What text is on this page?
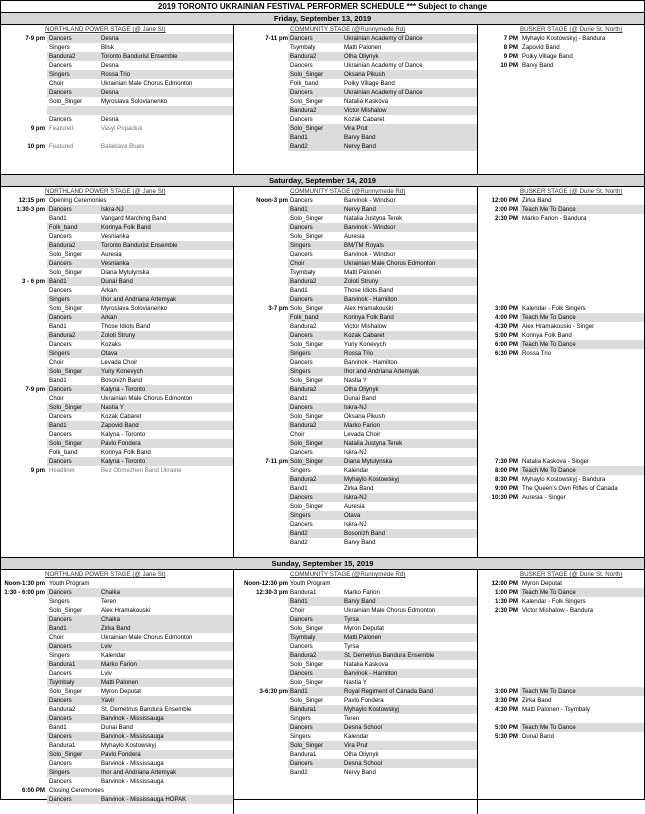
2019 TORONTO UKRAINIAN FESTIVAL PERFORMER SCHEDULE *** Subject to change
Friday, September 13, 2019
NORTHLAND POWER STAGE (@ Jane St)
7-9 pm Dancers	Desna
Singers	Blisk
Bandura2	Toronto Bandurist Ensemble
Dancers	Desna
Singers	Rossa Trio
Choir	Ukrainian Male Chorus Edmonton
Dancers	Desna
Solo_Singer	Myroslava Solovianenko
Dancers	Desna
9 pm Featured	Vasyl Popadiuk
10 pm Featured	Balaklava Blues
COMMUNITY STAGE (@Runnymede Rd)
7-11 pm Dancers	Ukrainian Academy of Dance
Tsymbaly	Matti Palonen
Bandura2	Olha Oliynyk
Dancers	Ukrainian Academy of Dance
Solo_Singer	Oksana Pikush
Folk_band	Polky Village Band
Dancers	Ukrainian Academy of Dance
Solo_Singer	Natalia Kaskova
Bandura2	Victor Mishalow
Dancers	Kozak Cabaret
Solo_Singer	Vira Prut
Band1	Barvy Band
Band2	Nervy Band
BUSKER STAGE (@ Durie St. North)
7 PM Myhaylo Kostowskyj - Bandura
8 PM Zapovid Band
9 PM Polky Village Band
10 PM Barvy Band
Saturday, September 14, 2019
NORTHLAND POWER STAGE (@ Jane St)
12:15 pm Opening Ceremonies
1:30-3 pm Dancers	Iskra-NJ
Band1	Vangard Marching Band
Folk_band	Korinya Folk Band
Dancers	Vesnianka
Bandura2	Toronto Bandurist Ensemble
Solo_Singer	Auresia
Dancers	Vesnianka
Solo_Singer	Diana Mytulynska
3 - 6 pm Band1	Dunai Band
Dancers	Arkan
Singers	Ihor and Andriana Artemyak
Solo_Singer	Myroslava Solovianenko
Dancers	Arkan
Band1	Those Idiots Band
Bandura2	Zoloti Struny
Dancers	Kozaks
Singers	Otava
Choir	Levada Choir
Solo_Singer	Yuriy Konevych
Band1	Bosonizh Band
7-9 pm Dancers	Kalyna - Toronto
Choir	Ukrainian Male Chorus Edmonton
Solo_Singer	Nastia Y
Dancers	Kozak Cabaret
Band1	Zapovid Band
Dancers	Kalyna - Toronto
Solo_Singer	Pavlo Fondera
Folk_band	Korinya Folk Band
Dancers	Kalyna - Toronto
9 pm Headliner	Bez Obmezhen Band Ukraine
COMMUNITY STAGE (@Runnymede Rd)
Noon-3 pm Dancers	Barvinok - Windsor
Band1	Nervy Band
Solo_Singer	Natalia Justyna Terek
Dancers	Barvinok - Windsor
Solo_Singer	Auresia
Singers	BM/TM Royals
Dancers	Barvinok - Windsor
Choir	Ukrainian Male Chorus Edmonton
Tsymbaly	Matti Palonen
Bandura2	Zoloti Struny
Band1	Those Idiots Band
Dancers	Barvinok - Hamilton
3-7 pm Solo_Singer	Alex Hramakouski
Folk_band	Korinya Folk Band
Bandura2	Victor Mishalow
Dancers	Kozak Cabaret
Solo_Singer	Yuriy Konevych
Singers	Rossa Trio
Dancers	Barvinok - Hamilton
Singers	Ihor and Andriana Artemyak
Solo_Singer	Nastia Y
Bandura2	Olha Oliynyk
Band1	Dunai Band
Dancers	Iskra-NJ
Solo_Singer	Oksana Pikush
Bandura2	Marko Farion
Choir	Levada Choir
Solo_Singer	Natalia Justyna Terek
Dancers	Iskra-NJ
7-11 pm Solo_Singer	Diana Mytulynska
Singers	Kalendar
Bandura2	Myhaylo Kostowskyj
Band1	Zirka Band
Dancers	Iskra-NJ
Solo_Singer	Auresia
Singers	Otava
Dancers	Iskra-NJ
Band2	Bosonizh Band
Band2	Barvy Band
BUSKER STAGE (@ Durie St. North)
12:00 PM Zirka Band
2:00 PM Teach Me To Dance
2:30 PM Marko Farion - Bandura
3:00 PM Kalendar - Folk Singers
4:00 PM Teach Me To Dance
4:30 PM Alex Hramakouski - Singer
5:00 PM Korinya Folk Band
6:00 PM Teach Me To Dance
6:30 PM Rossa Trio
7:30 PM Natalia Kaskova - Singer
8:00 PM Teach Me To Dance
8:30 PM Myhaylo Kostowskyj - Bandura
9:00 PM The Queen's Own Rifles of Canada
10:30 PM Auresia - Singer
Sunday, September 15, 2019
NORTHLAND POWER STAGE (@ Jane St)
Noon-1:30 pm Youth Program
1:30 - 6:00 pm Dancers	Chaika
Singers	Teren
Solo_Singer	Alex Hramakouski
Dancers	Chaika
Band1	Zirka Band
Choir	Ukrainian Male Chorus Edmonton
Dancers	Lviv
Singers	Kalendar
Bandura1	Marko Farion
Dancers	Lviv
Tsymbaly	Matti Palonen
Solo_Singer	Myron Deputat
Dancers	Yavir
Bandura2	St. Demetrius Bandura Ensemble
Dancers	Barvinok - Mississauga
Band1	Dunai Band
Dancers	Barvinok - Mississauga
Bandura1	Myhaylo Kostowskyj
Solo_Singer	Pavlo Fondera
Dancers	Barvinok - Mississauga
Singers	Ihor and Andriana Artemyak
Dancers	Barvinok - Mississauga
6:00 PM Closing Ceremonies
Dancers	Barvinok - Mississauga HOPAK
COMMUNITY STAGE (@Runnymede Rd)
Noon-12:30 pm Youth Program
12:30-3 pm Bandura1	Marko Farion
Band1	Barvy Band
Choir	Ukrainian Male Chorus Edmonton
Dancers	Tyrsa
Solo_Singer	Myron Deputat
Tsymbaly	Matti Palonen
Dancers	Tyrsa
Bandura2	St. Demetrius Bandura Ensemble
Solo_Singer	Natalia Kaskova
Dancers	Barvinok - Hamilton
Solo_Singer	Nastia Y
3-6:30 pm Band1	Royal Regiment of Canada Band
Solo_Singer	Pavlo Fondera
Bandura1	Myhaylo Kostowskyj
Singers	Teren
Dancers	Desna School
Singers	Kalendar
Solo_Singer	Vira Prut
Bandura1	Olha Oliynyk
Dancers	Desna School
Band2	Nervy Band
BUSKER STAGE (@ Durie St. North)
12:00 PM Myron Deputat
1:00 PM Teach Me To Dance
1:30 PM Kalendar - Folk Singers
2:30 PM Victor Mishalow - Bandura
3:00 PM Teach Me To Dance
3:30 PM Zirka Band
4:30 PM Matti Palonen - Tsymbaly
5:00 PM Teach Me To Dance
5:30 PM Dunai Band
